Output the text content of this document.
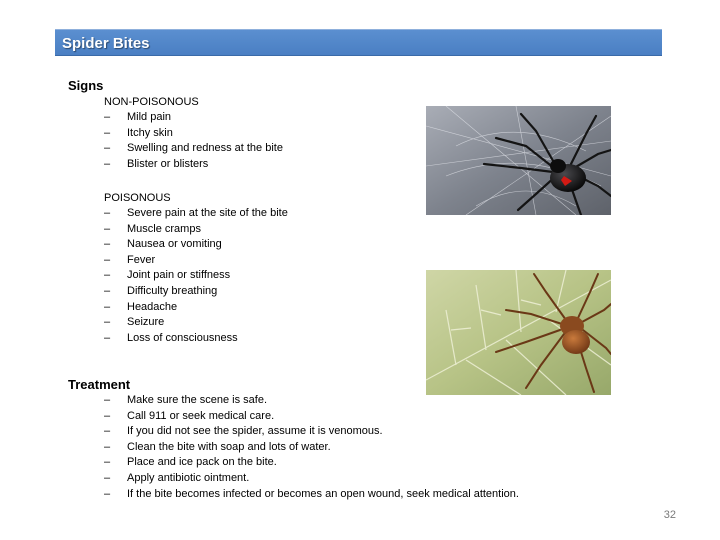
Spider Bites
Signs
NON-POISONOUS
– Mild pain
– Itchy skin
– Swelling and redness at the bite
– Blister or blisters
POISONOUS
– Severe pain at the site of the bite
– Muscle cramps
– Nausea or vomiting
– Fever
– Joint pain or stiffness
– Difficulty breathing
– Headache
– Seizure
– Loss of consciousness
Treatment
– Make sure the scene is safe.
– Call 911 or seek medical care.
– If you did not see the spider, assume it is venomous.
– Clean the bite with soap and lots of water.
– Place and ice pack on the bite.
– Apply antibiotic ointment.
– If the bite becomes infected or becomes an open wound, seek medical attention.
32
